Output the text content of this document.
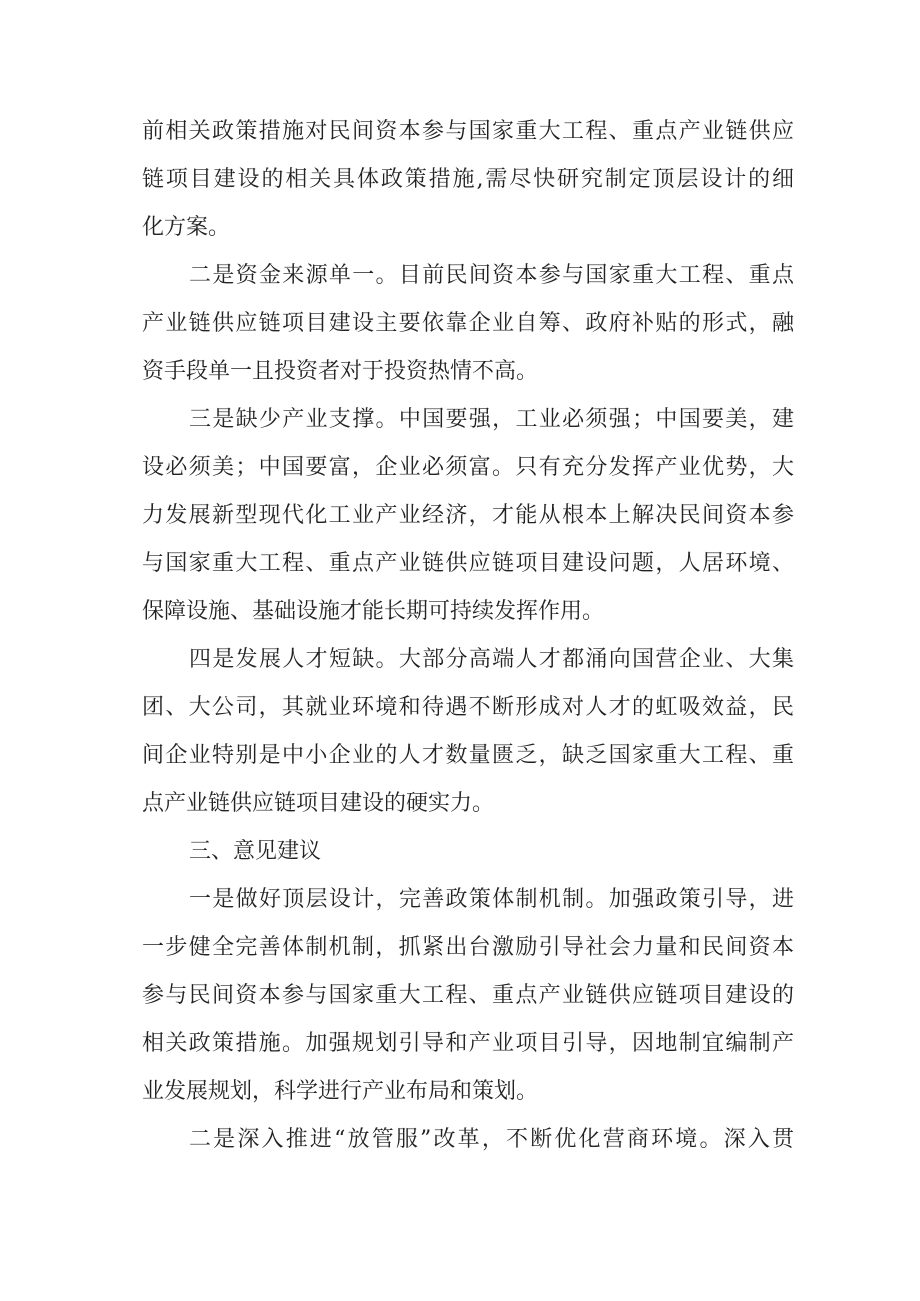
前相关政策措施对民间资本参与国家重大工程、重点产业链供应
链项目建设的相关具体政策措施,需尽快研究制定顶层设计的细
化方案。
二是资金来源单一。目前民间资本参与国家重大工程、重点
产业链供应链项目建设主要依靠企业自筹、政府补贴的形式，融
资手段单一且投资者对于投资热情不高。
三是缺少产业支撑。中国要强，工业必须强；中国要美，建
设必须美；中国要富，企业必须富。只有充分发挥产业优势，大
力发展新型现代化工业产业经济，才能从根本上解决民间资本参
与国家重大工程、重点产业链供应链项目建设问题，人居环境、
保障设施、基础设施才能长期可持续发挥作用。
四是发展人才短缺。大部分高端人才都涌向国营企业、大集
团、大公司，其就业环境和待遇不断形成对人才的虹吸效益，民
间企业特别是中小企业的人才数量匮乏，缺乏国家重大工程、重
点产业链供应链项目建设的硬实力。
三、意见建议
一是做好顶层设计，完善政策体制机制。加强政策引导，进
一步健全完善体制机制，抓紧出台激励引导社会力量和民间资本
参与民间资本参与国家重大工程、重点产业链供应链项目建设的
相关政策措施。加强规划引导和产业项目引导，因地制宜编制产
业发展规划，科学进行产业布局和策划。
二是深入推进“放管服”改革，不断优化营商环境。深入贯
